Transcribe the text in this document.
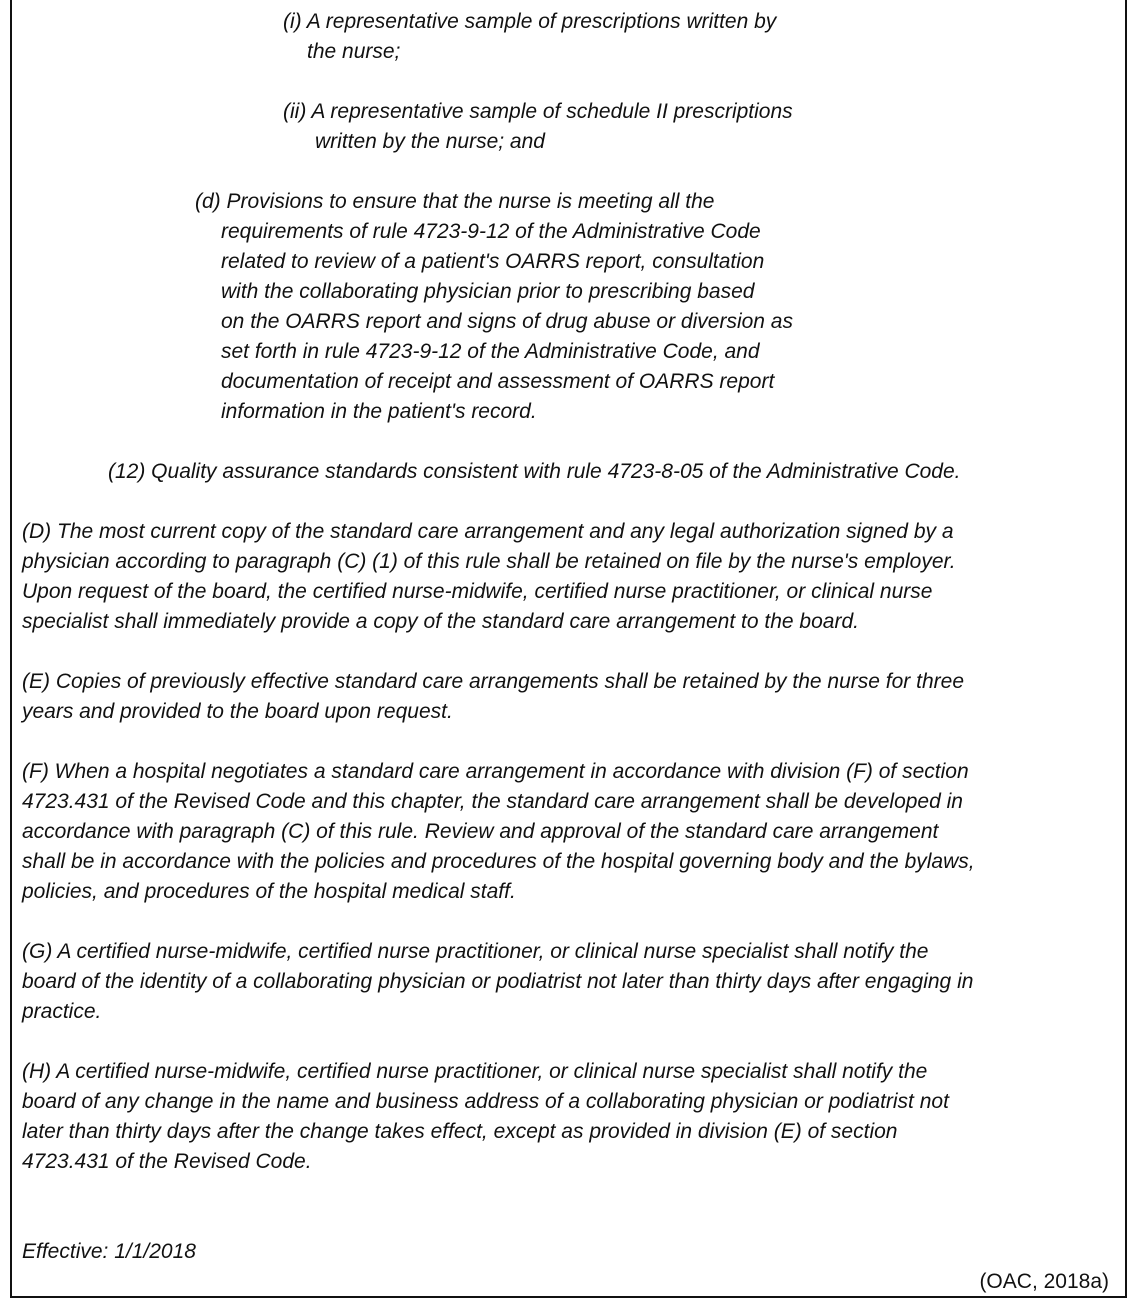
(i) A representative sample of prescriptions written by

the nurse;

(ii) A representative sample of schedule II prescriptions

written by the nurse; and

(d) Provisions to ensure that the nurse is meeting all the

requirements of rule 4723-9-12 of the Administrative Code

related to review of a patient's OARRS report, consultation

with the collaborating physician prior to prescribing based

on the OARRS report and signs of drug abuse or diversion as

set forth in rule 4723-9-12 of the Administrative Code, and

documentation of receipt and assessment of OARRS report

information in the patient's record.

(12) Quality assurance standards consistent with rule 4723-8-05 of the Administrative Code.

(D) The most current copy of the standard care arrangement and any legal authorization signed by a

physician according to paragraph (C) (1) of this rule shall be retained on file by the nurse's employer.

Upon request of the board, the certified nurse-midwife, certified nurse practitioner, or clinical nurse

specialist shall immediately provide a copy of the standard care arrangement to the board.

(E) Copies of previously effective standard care arrangements shall be retained by the nurse for three

years and provided to the board upon request.

(F) When a hospital negotiates a standard care arrangement in accordance with division (F) of section

4723.431 of the Revised Code and this chapter, the standard care arrangement shall be developed in

accordance with paragraph (C) of this rule. Review and approval of the standard care arrangement

shall be in accordance with the policies and procedures of the hospital governing body and the bylaws,

policies, and procedures of the hospital medical staff.

(G) A certified nurse-midwife, certified nurse practitioner, or clinical nurse specialist shall notify the

board of the identity of a collaborating physician or podiatrist not later than thirty days after engaging in

practice.

(H) A certified nurse-midwife, certified nurse practitioner, or clinical nurse specialist shall notify the

board of any change in the name and business address of a collaborating physician or podiatrist not

later than thirty days after the change takes effect, except as provided in division (E) of section

4723.431 of the Revised Code.

Effective: 1/1/2018

(OAC, 2018a)
